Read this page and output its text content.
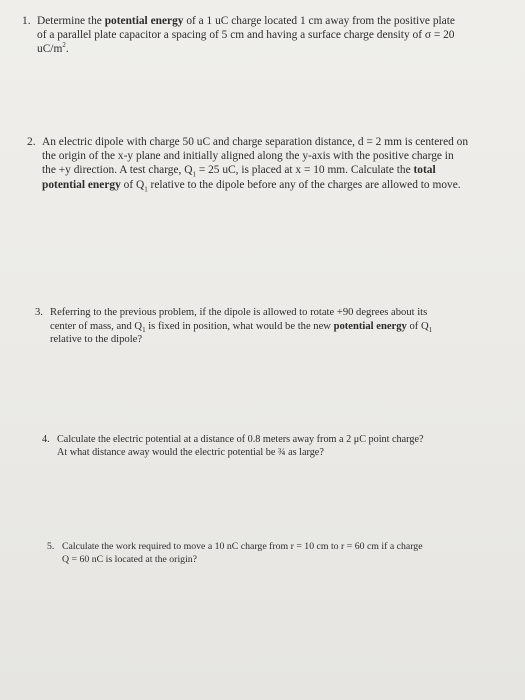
1. Determine the potential energy of a 1 uC charge located 1 cm away from the positive plate
of a parallel plate capacitor a spacing of 5 cm and having a surface charge density of σ = 20
$uC/m^2$.
2. An electric dipole with charge 50 uC and charge separation distance, d = 2 mm is centered on
the origin of the x-y plane and initially aligned along the y-axis with the positive charge in
the +y direction. A test charge, $Q_1 = 25$ uC, is placed at x = 10 mm. Calculate the total
potential energy of $Q_1$ relative to the dipole before any of the charges are allowed to move.
3. Referring to the previous problem, if the dipole is allowed to rotate +90 degrees about its
center of mass, and $Q_1$ is fixed in position, what would be the new potential energy of $Q_1$
relative to the dipole?
4. Calculate the electric potential at a distance of 0.8 meters away from a 2 μC point charge?
At what distance away would the electric potential be ¾ as large?
5. Calculate the work required to move a 10 nC charge from r = 10 cm to r = 60 cm if a charge
Q = 60 nC is located at the origin?
